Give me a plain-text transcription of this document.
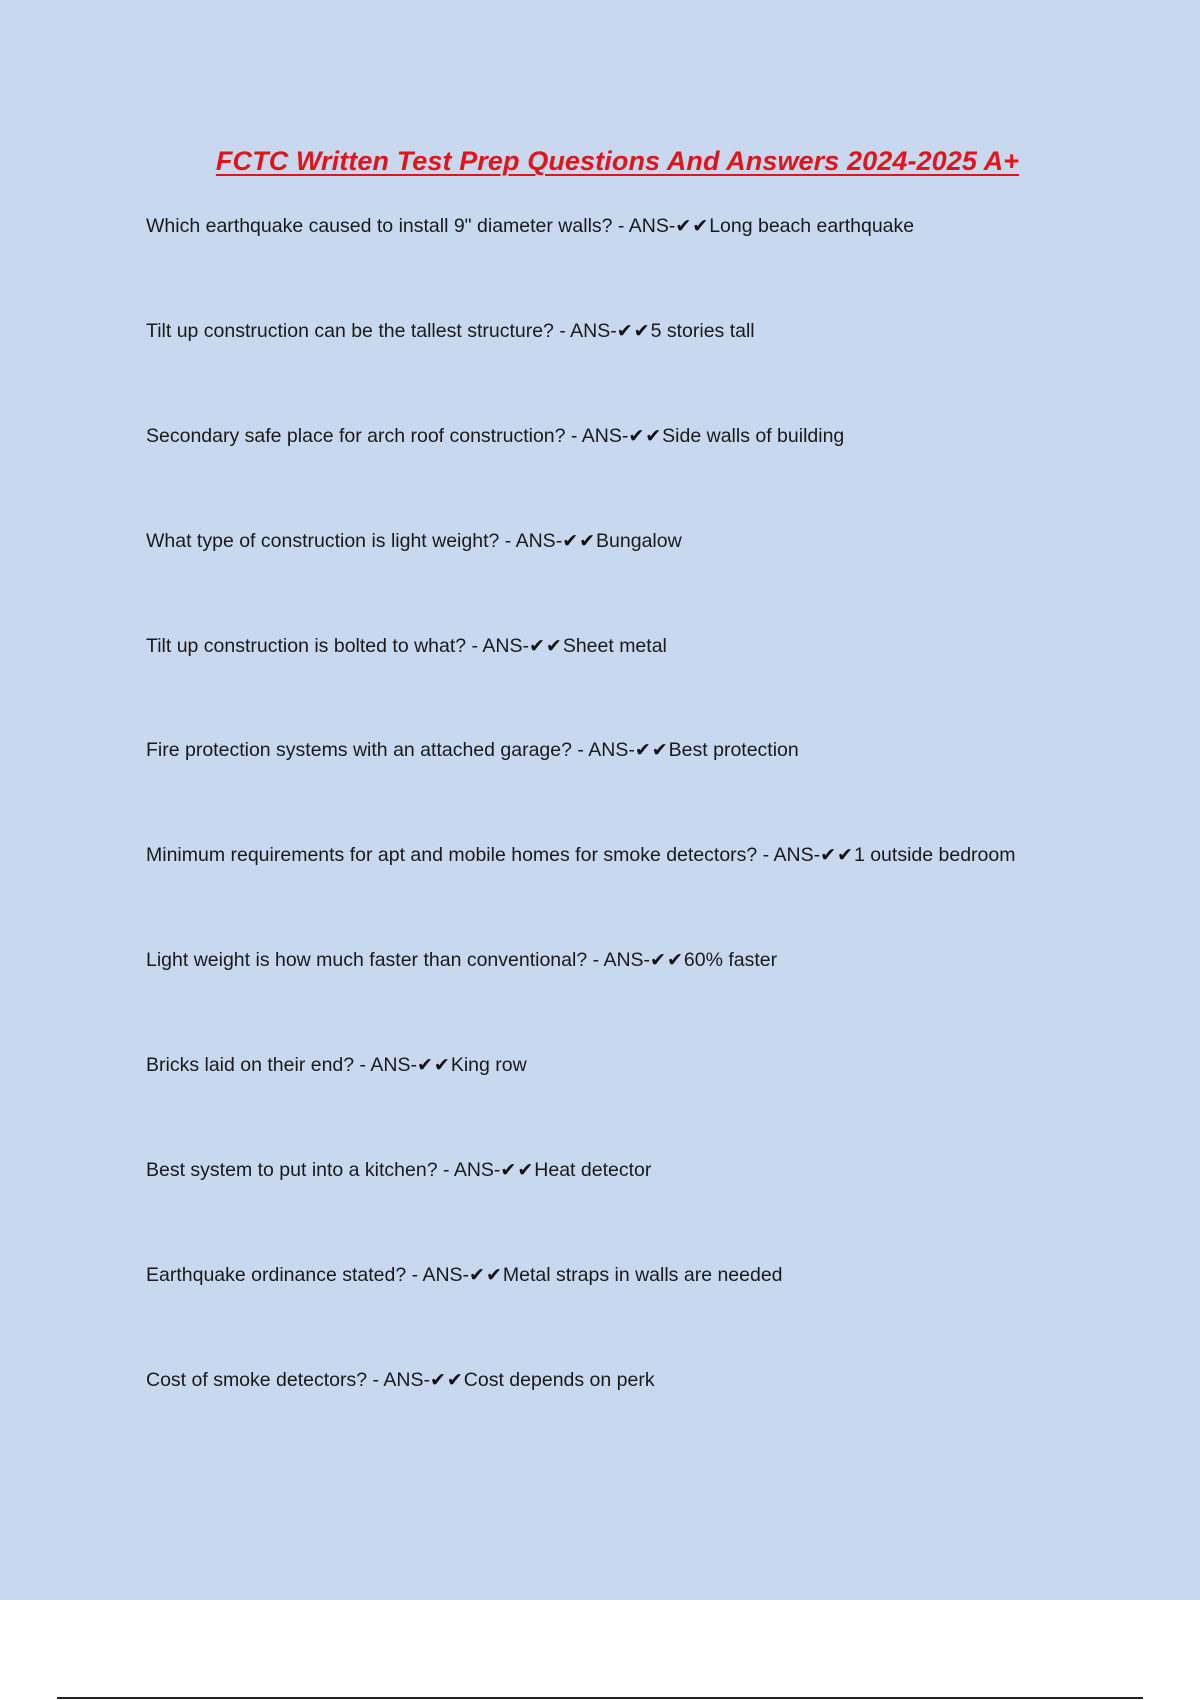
FCTC Written Test Prep Questions And Answers 2024-2025 A+
Which earthquake caused to install 9" diameter walls? - ANS-✔✔Long beach earthquake
Tilt up construction can be the tallest structure? - ANS-✔✔5 stories tall
Secondary safe place for arch roof construction? - ANS-✔✔Side walls of building
What type of construction is light weight? - ANS-✔✔Bungalow
Tilt up construction is bolted to what? - ANS-✔✔Sheet metal
Fire protection systems with an attached garage? - ANS-✔✔Best protection
Minimum requirements for apt and mobile homes for smoke detectors? - ANS-✔✔1 outside bedroom
Light weight is how much faster than conventional? - ANS-✔✔60% faster
Bricks laid on their end? - ANS-✔✔King row
Best system to put into a kitchen? - ANS-✔✔Heat detector
Earthquake ordinance stated? - ANS-✔✔Metal straps in walls are needed
Cost of smoke detectors? - ANS-✔✔Cost depends on perk
